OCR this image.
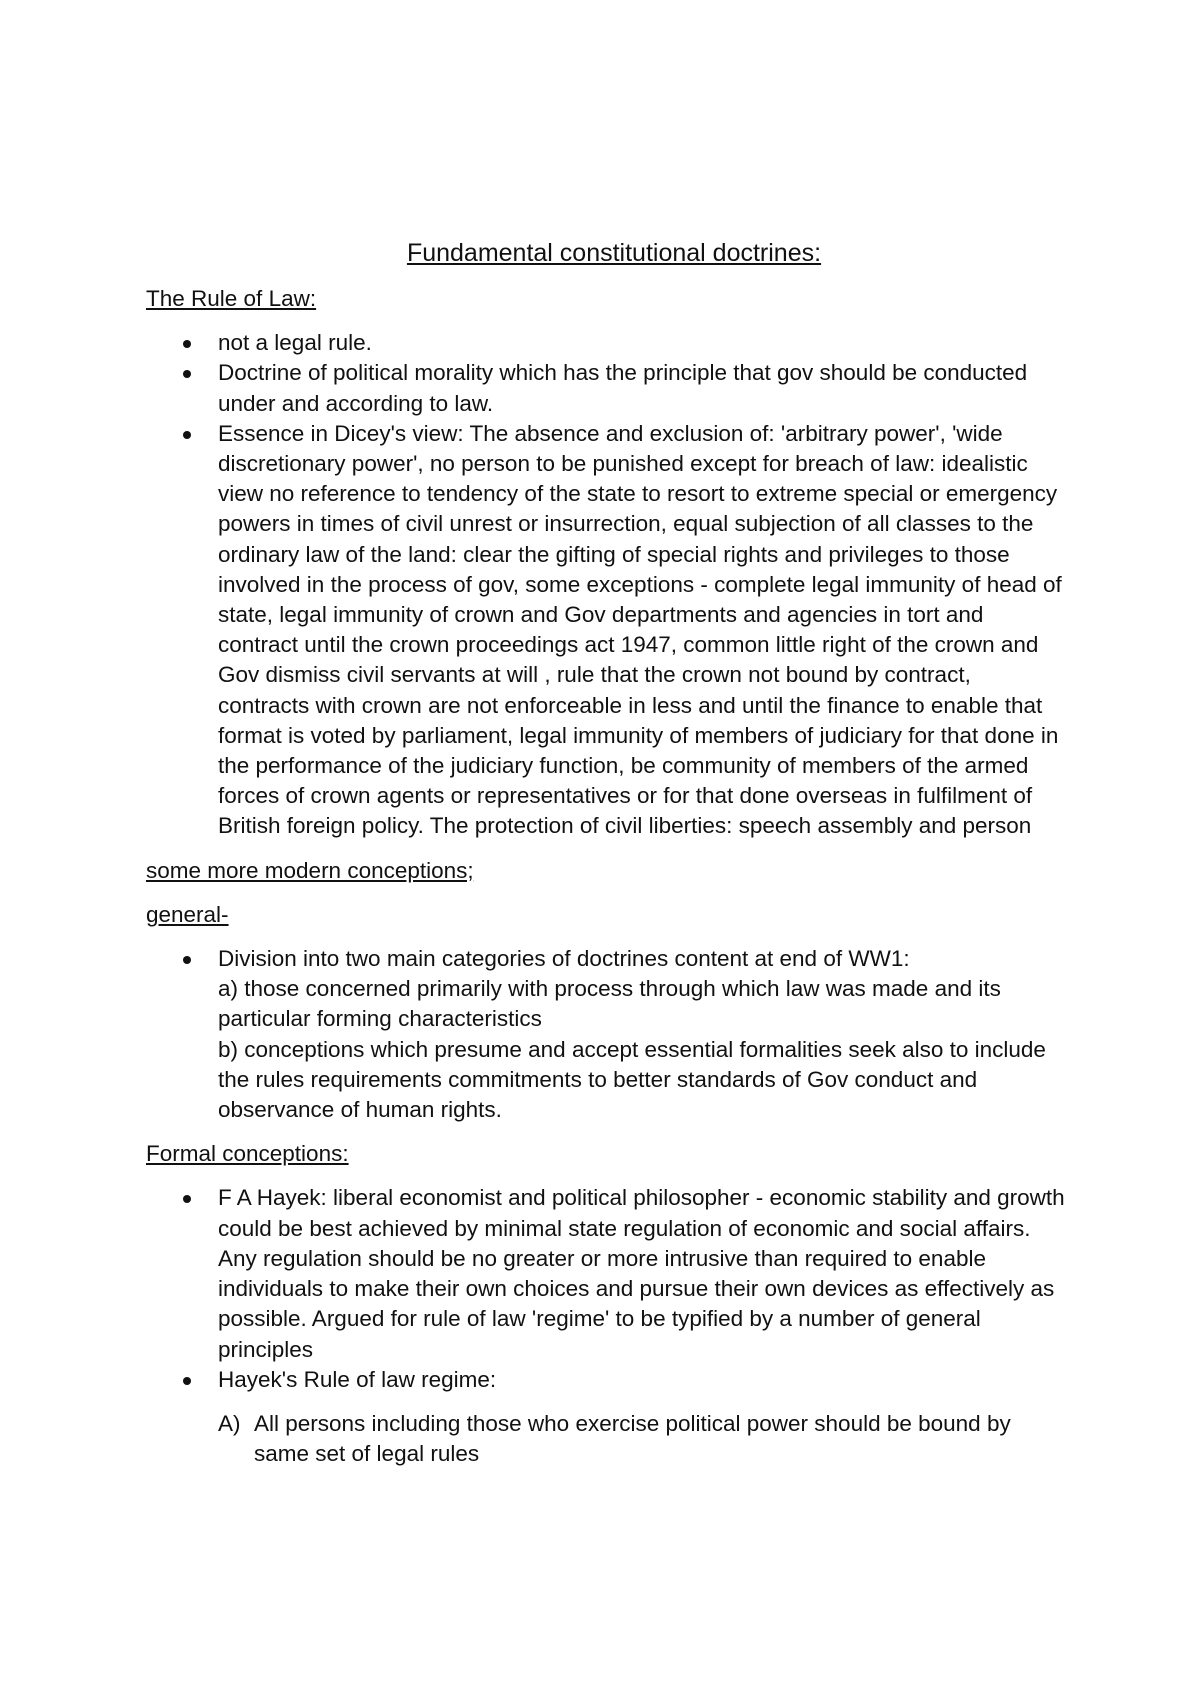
Fundamental constitutional doctrines:
The Rule of Law:
not a legal rule.
Doctrine of political morality which has the principle that gov should be conducted under and according to law.
Essence in Dicey's view: The absence and exclusion of: 'arbitrary power', 'wide discretionary power', no person to be punished except for breach of law: idealistic view no reference to tendency of the state to resort to extreme special or emergency powers in times of civil unrest or insurrection, equal subjection of all classes to the ordinary law of the land: clear the gifting of special rights and privileges to those involved in the process of gov, some exceptions - complete legal immunity of head of state, legal immunity of crown and Gov departments and agencies in tort and contract until the crown proceedings act 1947, common little right of the crown and Gov dismiss civil servants at will , rule that the crown not bound by contract, contracts with crown are not enforceable in less and until the finance to enable that format is voted by parliament, legal immunity of members of judiciary for that done in the performance of the judiciary function, be community of members of the armed forces of crown agents or representatives or for that done overseas in fulfilment of British foreign policy. The protection of civil liberties: speech assembly and person
some more modern conceptions;
general-

Division into two main categories of doctrines content at end of WW1:

a) those concerned primarily with process through which law was made and its particular forming characteristics

b) conceptions which presume and accept essential formalities seek also to include the rules requirements commitments to better standards of Gov conduct and observance of human rights.

Formal conceptions:
F A Hayek: liberal economist and political philosopher - economic stability and growth could be best achieved by minimal state regulation of economic and social affairs. Any regulation should be no greater or more intrusive than required to enable individuals to make their own choices and pursue their own devices as effectively as possible. Argued for rule of law 'regime' to be typified by a number of general principles
Hayek's Rule of law regime:
A) All persons including those who exercise political power should be bound by same set of legal rules
